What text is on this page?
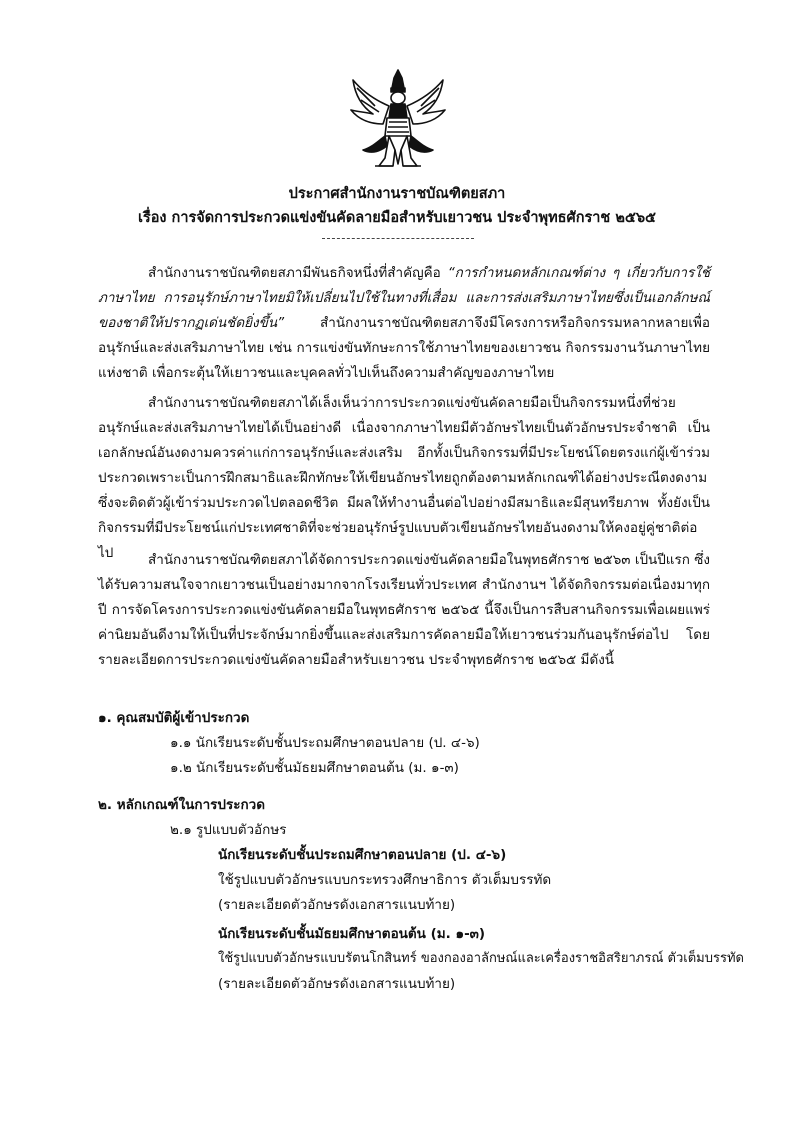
ประกาศสำนักงานราชบัณฑิตยสภา
เรื่อง การจัดการประกวดแข่งขันคัดลายมือสำหรับเยาวชน ประจำพุทธศักราช ๒๕๖๕

สำนักงานราชบัณฑิตยสภามีพันธกิจหนึ่งที่สำคัญคือ “การกำหนดหลักเกณฑ์ต่าง ๆ เกี่ยวกับการใช้ภาษาไทย การอนุรักษ์ภาษาไทยมิให้เปลี่ยนไปใช้ในทางที่เสื่อม และการส่งเสริมภาษาไทยซึ่งเป็นเอกลักษณ์ของชาติให้ปรากฏเด่นชัดยิ่งขึ้น” สำนักงานราชบัณฑิตยสภาจึงมีโครงการหรือกิจกรรมหลากหลายเพื่ออนุรักษ์และส่งเสริมภาษาไทย เช่น การแข่งขันทักษะการใช้ภาษาไทยของเยาวชน กิจกรรมงานวันภาษาไทยแห่งชาติ เพื่อกระตุ้นให้เยาวชนและบุคคลทั่วไปเห็นถึงความสำคัญของภาษาไทย

สำนักงานราชบัณฑิตยสภาได้เล็งเห็นว่าการประกวดแข่งขันคัดลายมือเป็นกิจกรรมหนึ่งที่ช่วยอนุรักษ์และส่งเสริมภาษาไทยได้เป็นอย่างดี เนื่องจากภาษาไทยมีตัวอักษรไทยเป็นตัวอักษรประจำชาติ เป็นเอกลักษณ์อันงดงามควรค่าแก่การอนุรักษ์และส่งเสริม อีกทั้งเป็นกิจกรรมที่มีประโยชน์โดยตรงแก่ผู้เข้าร่วมประกวดเพราะเป็นการฝึกสมาธิและฝึกทักษะให้เขียนอักษรไทยถูกต้องตามหลักเกณฑ์ได้อย่างประณีตงดงาม ซึ่งจะติดตัวผู้เข้าร่วมประกวดไปตลอดชีวิต มีผลให้ทำงานอื่นต่อไปอย่างมีสมาธิและมีสุนทรียภาพ ทั้งยังเป็นกิจกรรมที่มีประโยชน์แก่ประเทศชาติที่จะช่วยอนุรักษ์รูปแบบตัวเขียนอักษรไทยอันงดงามให้คงอยู่คู่ชาติต่อไป	สำนักงานราชบัณฑิตยสภาได้จัดการประกวดแข่งขันคัดลายมือในพุทธศักราช ๒๕๖๓ เป็นปีแรก ซึ่งได้รับความสนใจจากเยาวชนเป็นอย่างมากจากโรงเรียนทั่วประเทศ สำนักงานฯ ได้จัดกิจกรรมต่อเนื่องมาทุกปี การจัดโครงการประกวดแข่งขันคัดลายมือในพุทธศักราช ๒๕๖๕ นี้จึงเป็นการสืบสานกิจกรรมเพื่อเผยแพร่ค่านิยมอันดีงามให้เป็นที่ประจักษ์มากยิ่งขึ้นและส่งเสริมการคัดลายมือให้เยาวชนร่วมกันอนุรักษ์ต่อไป โดยรายละเอียดการประกวดแข่งขันคัดลายมือสำหรับเยาวชน ประจำพุทธศักราช ๒๕๖๕ มีดังนี้

๑. คุณสมบัติผู้เข้าประกวด
๑.๑ นักเรียนระดับชั้นประถมศึกษาตอนปลาย (ป. ๔-๖)
๑.๒ นักเรียนระดับชั้นมัธยมศึกษาตอนต้น (ม. ๑-๓)
๒. หลักเกณฑ์ในการประกวด
๒.๑ รูปแบบตัวอักษร
นักเรียนระดับชั้นประถมศึกษาตอนปลาย (ป. ๔-๖)
ใช้รูปแบบตัวอักษรแบบกระทรวงศึกษาธิการ ตัวเต็มบรรทัด
(รายละเอียดตัวอักษรดังเอกสารแนบท้าย)
นักเรียนระดับชั้นมัธยมศึกษาตอนต้น (ม. ๑-๓)
ใช้รูปแบบตัวอักษรแบบรัตนโกสินทร์ ของกองอาลักษณ์และเครื่องราชอิสริยาภรณ์ ตัวเต็มบรรทัด
(รายละเอียดตัวอักษรดังเอกสารแนบท้าย)
